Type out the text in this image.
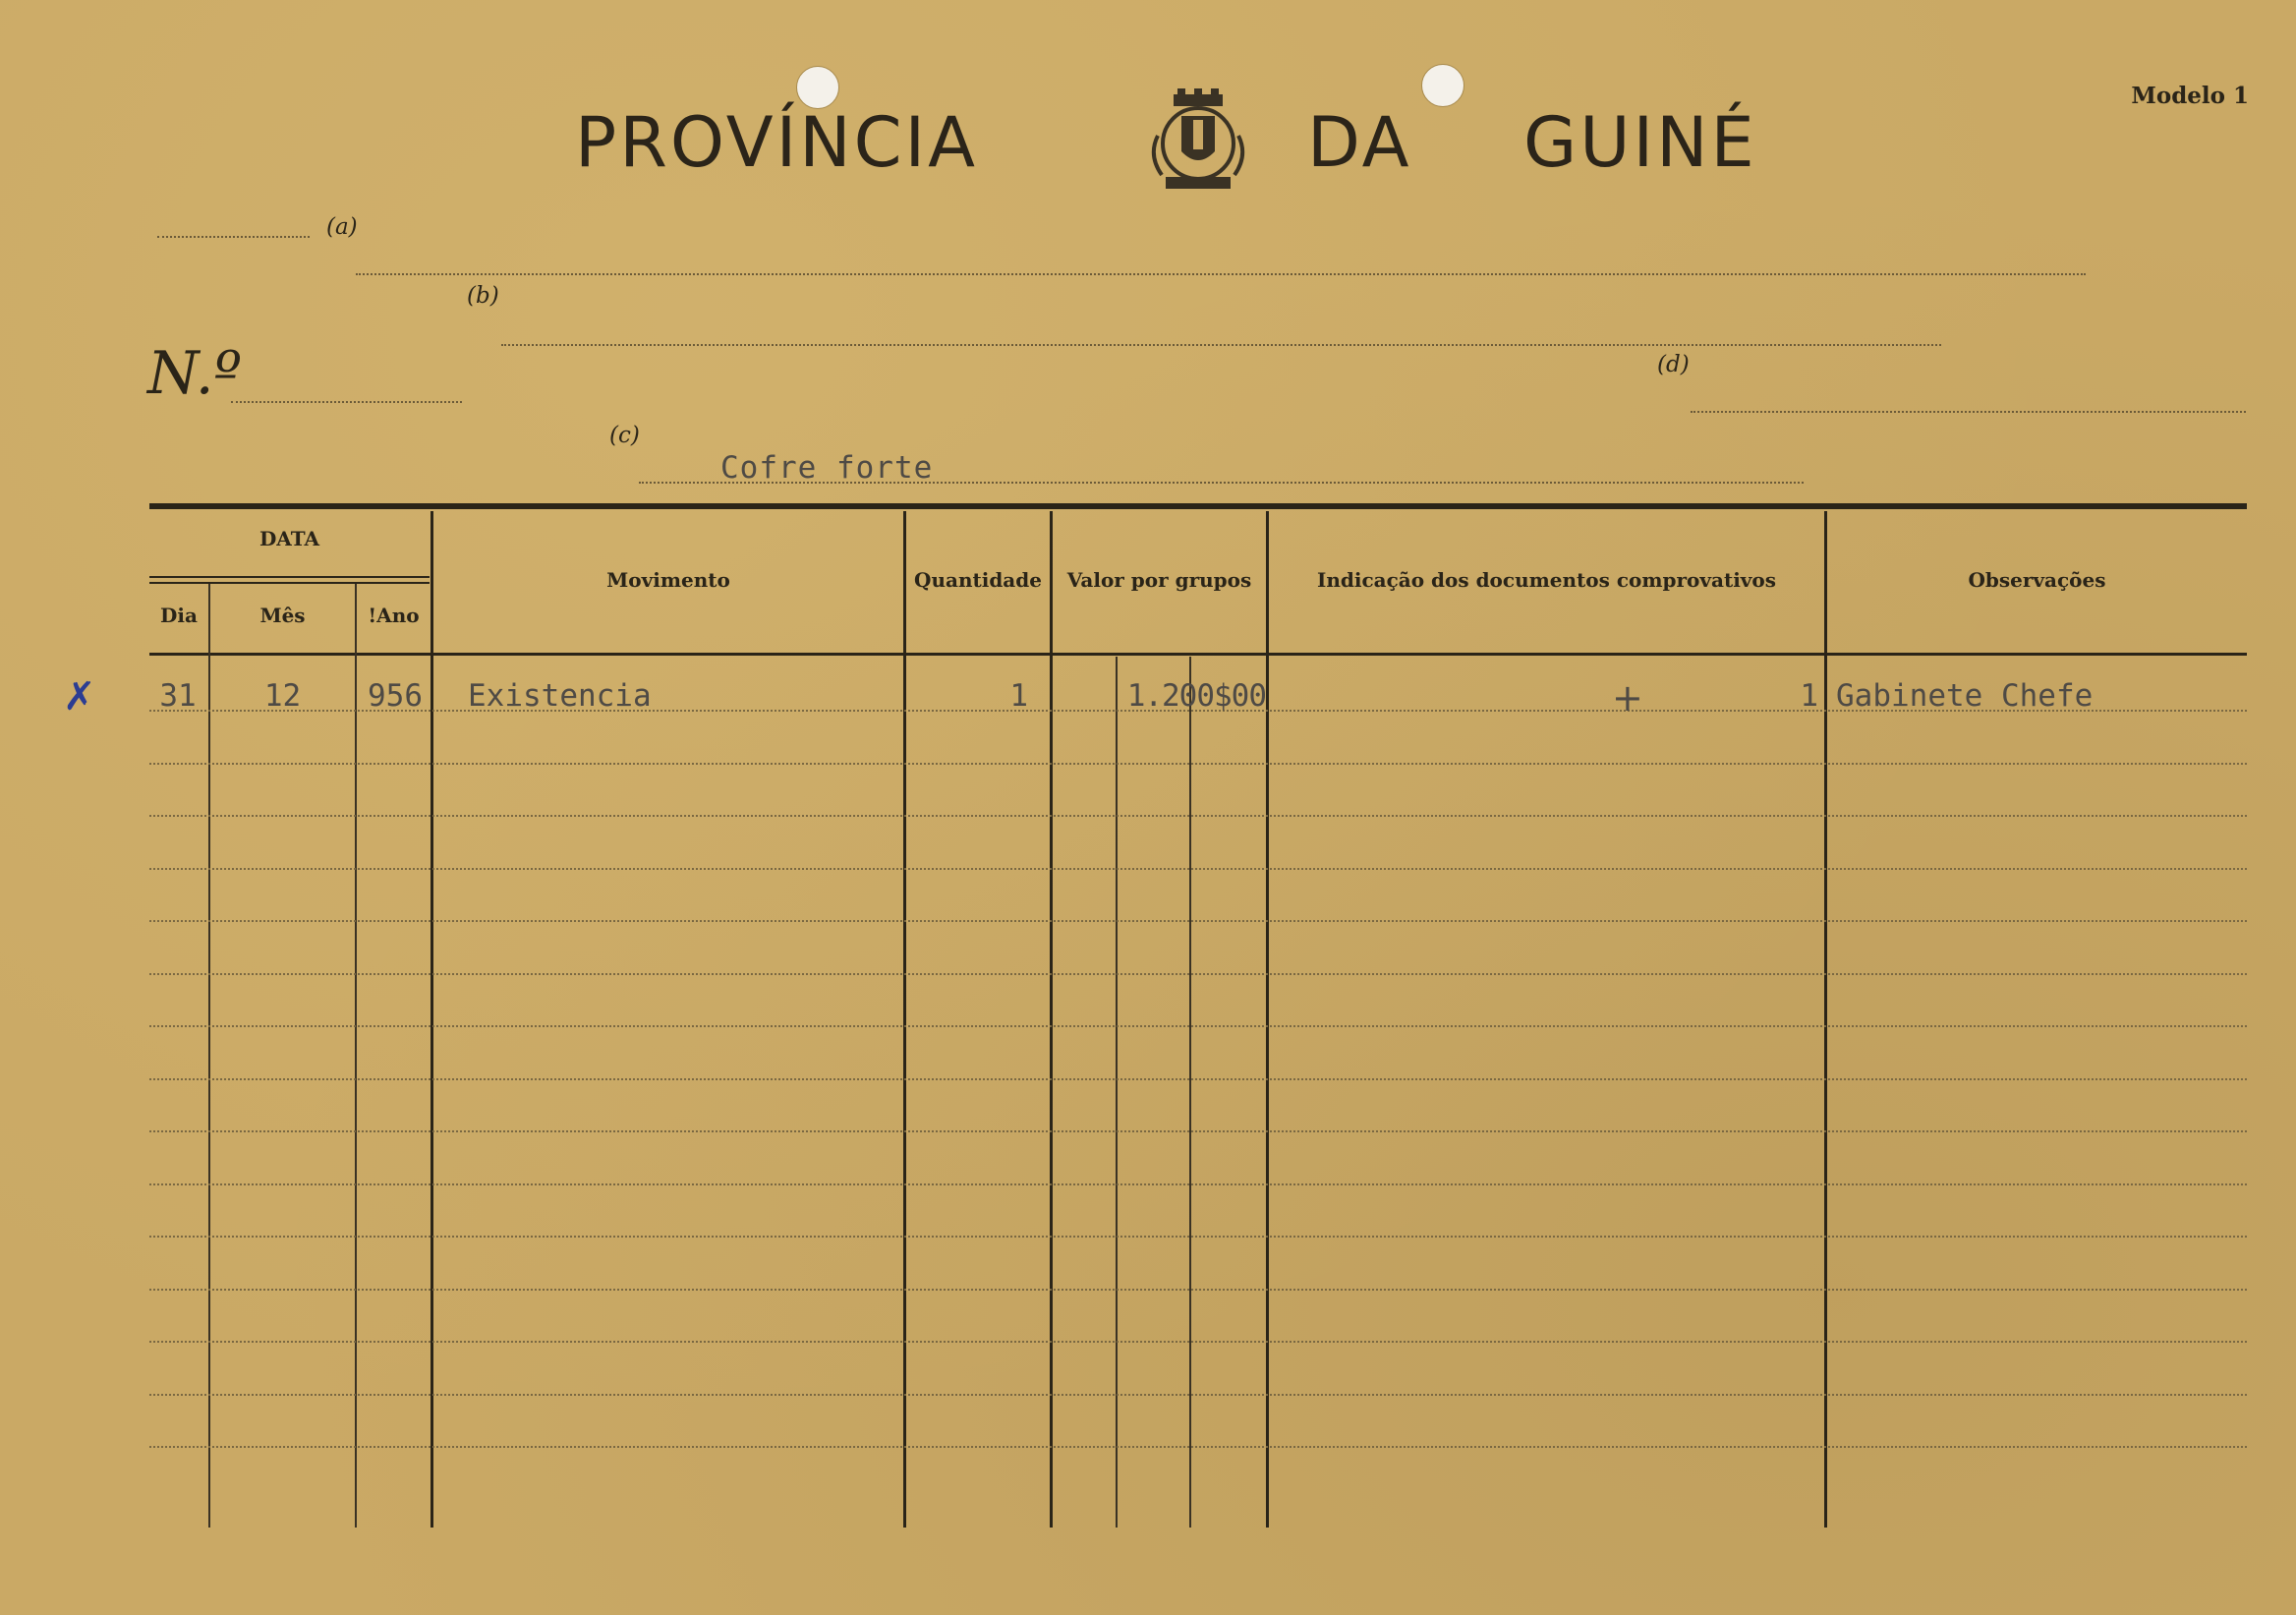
Modelo 1
PROVÍNCIA	DA GUINÉ
(a)
(b)
N.º	(d)
(c)
Cofre forte
DATA
Dia	Mês	!Ano
Movimento	Quantidade	Valor por grupos	Indicação dos documentos comprovativos	Observações
✗	31	12	956 Existencia	1	1.200$00	+	1 Gabinete Chefe
